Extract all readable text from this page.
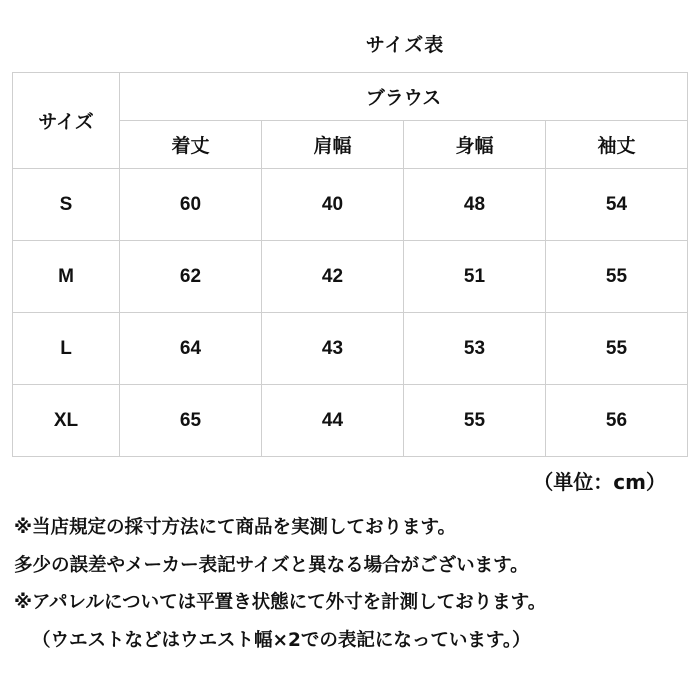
サイズ表
サイズ	ブラウス			
	着丈	肩幅	身幅	袖丈
S	60	40	48	54
M	62	42	51	55
L	64	43	53	55
XL	65	44	55	56
（単位：cm）
※当店規定の採寸方法にて商品を実測しております。
多少の誤差やメーカー表記サイズと異なる場合がございます。
※アパレルについては平置き状態にて外寸を計測しております。
（ウエストなどはウエスト幅×2での表記になっています。）
